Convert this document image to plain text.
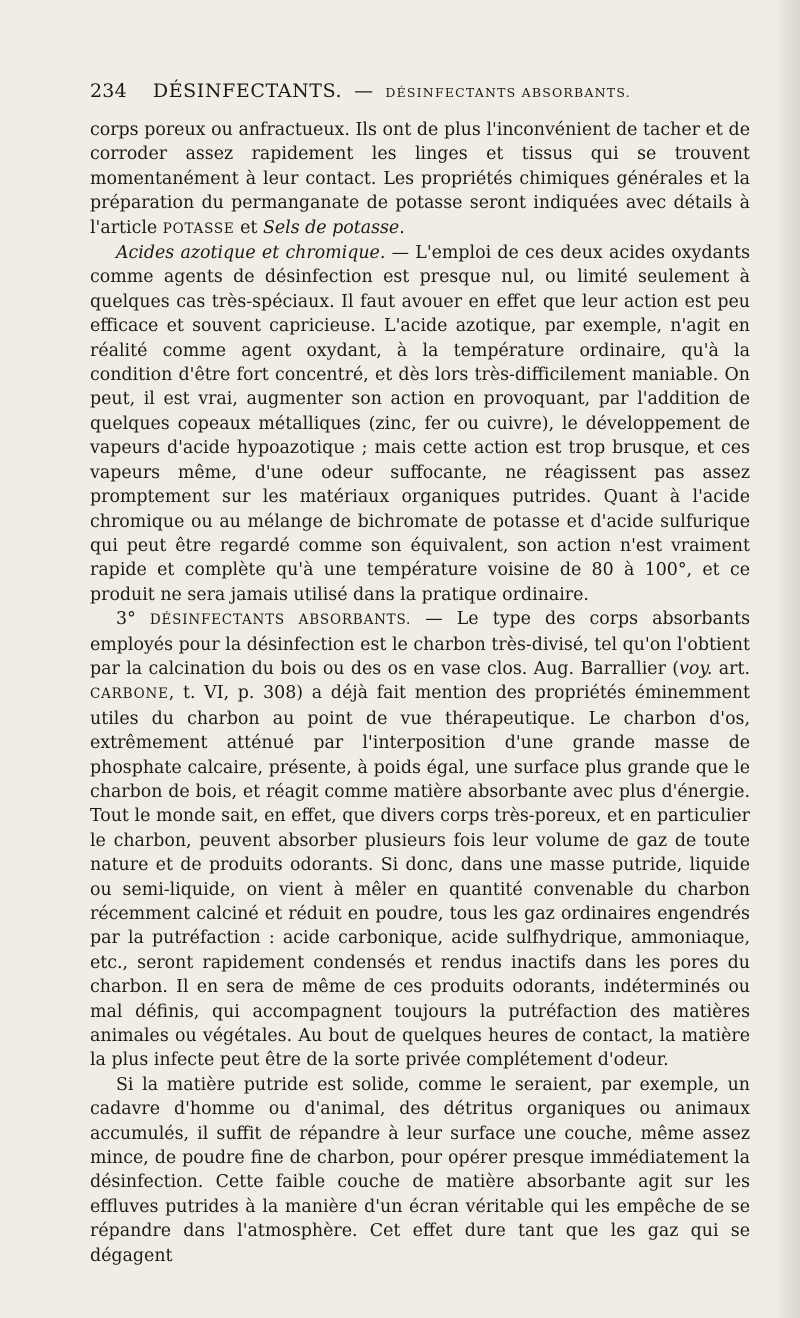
234 DÉSINFECTANTS. — DÉSINFECTANTS ABSORBANTS.

corps poreux ou anfractueux. Ils ont de plus l'inconvénient de tacher et de corroder assez rapidement les linges et tissus qui se trouvent momentanément à leur contact. Les propriétés chimiques générales et la préparation du permanganate de potasse seront indiquées avec détails à l'article POTASSE et Sels de potasse.

Acides azotique et chromique. — L'emploi de ces deux acides oxydants comme agents de désinfection est presque nul, ou limité seulement à quelques cas très-spéciaux. Il faut avouer en effet que leur action est peu efficace et souvent capricieuse. L'acide azotique, par exemple, n'agit en réalité comme agent oxydant, à la température ordinaire, qu'à la condition d'être fort concentré, et dès lors très-difficilement maniable. On peut, il est vrai, augmenter son action en provoquant, par l'addition de quelques copeaux métalliques (zinc, fer ou cuivre), le développement de vapeurs d'acide hypoazotique ; mais cette action est trop brusque, et ces vapeurs même, d'une odeur suffocante, ne réagissent pas assez promptement sur les matériaux organiques putrides. Quant à l'acide chromique ou au mélange de bichromate de potasse et d'acide sulfurique qui peut être regardé comme son équivalent, son action n'est vraiment rapide et complète qu'à une température voisine de 80 à 100°, et ce produit ne sera jamais utilisé dans la pratique ordinaire.

3° DÉSINFECTANTS ABSORBANTS. — Le type des corps absorbants employés pour la désinfection est le charbon très-divisé, tel qu'on l'obtient par la calcination du bois ou des os en vase clos. Aug. Barrallier (voy. art. CARBONE, t. VI, p. 308) a déjà fait mention des propriétés éminemment utiles du charbon au point de vue thérapeutique. Le charbon d'os, extrêmement atténué par l'interposition d'une grande masse de phosphate calcaire, présente, à poids égal, une surface plus grande que le charbon de bois, et réagit comme matière absorbante avec plus d'énergie. Tout le monde sait, en effet, que divers corps très-poreux, et en particulier le charbon, peuvent absorber plusieurs fois leur volume de gaz de toute nature et de produits odorants. Si donc, dans une masse putride, liquide ou semi-liquide, on vient à mêler en quantité convenable du charbon récemment calciné et réduit en poudre, tous les gaz ordinaires engendrés par la putréfaction : acide carbonique, acide sulfhydrique, ammoniaque, etc., seront rapidement condensés et rendus inactifs dans les pores du charbon. Il en sera de même de ces produits odorants, indéterminés ou mal définis, qui accompagnent toujours la putréfaction des matières animales ou végétales. Au bout de quelques heures de contact, la matière la plus infecte peut être de la sorte privée complétement d'odeur.

Si la matière putride est solide, comme le seraient, par exemple, un cadavre d'homme ou d'animal, des détritus organiques ou animaux accumulés, il suffit de répandre à leur surface une couche, même assez mince, de poudre fine de charbon, pour opérer presque immédiatement la désinfection. Cette faible couche de matière absorbante agit sur les effluves putrides à la manière d'un écran véritable qui les empêche de se répandre dans l'atmosphère. Cet effet dure tant que les gaz qui se dégagent
